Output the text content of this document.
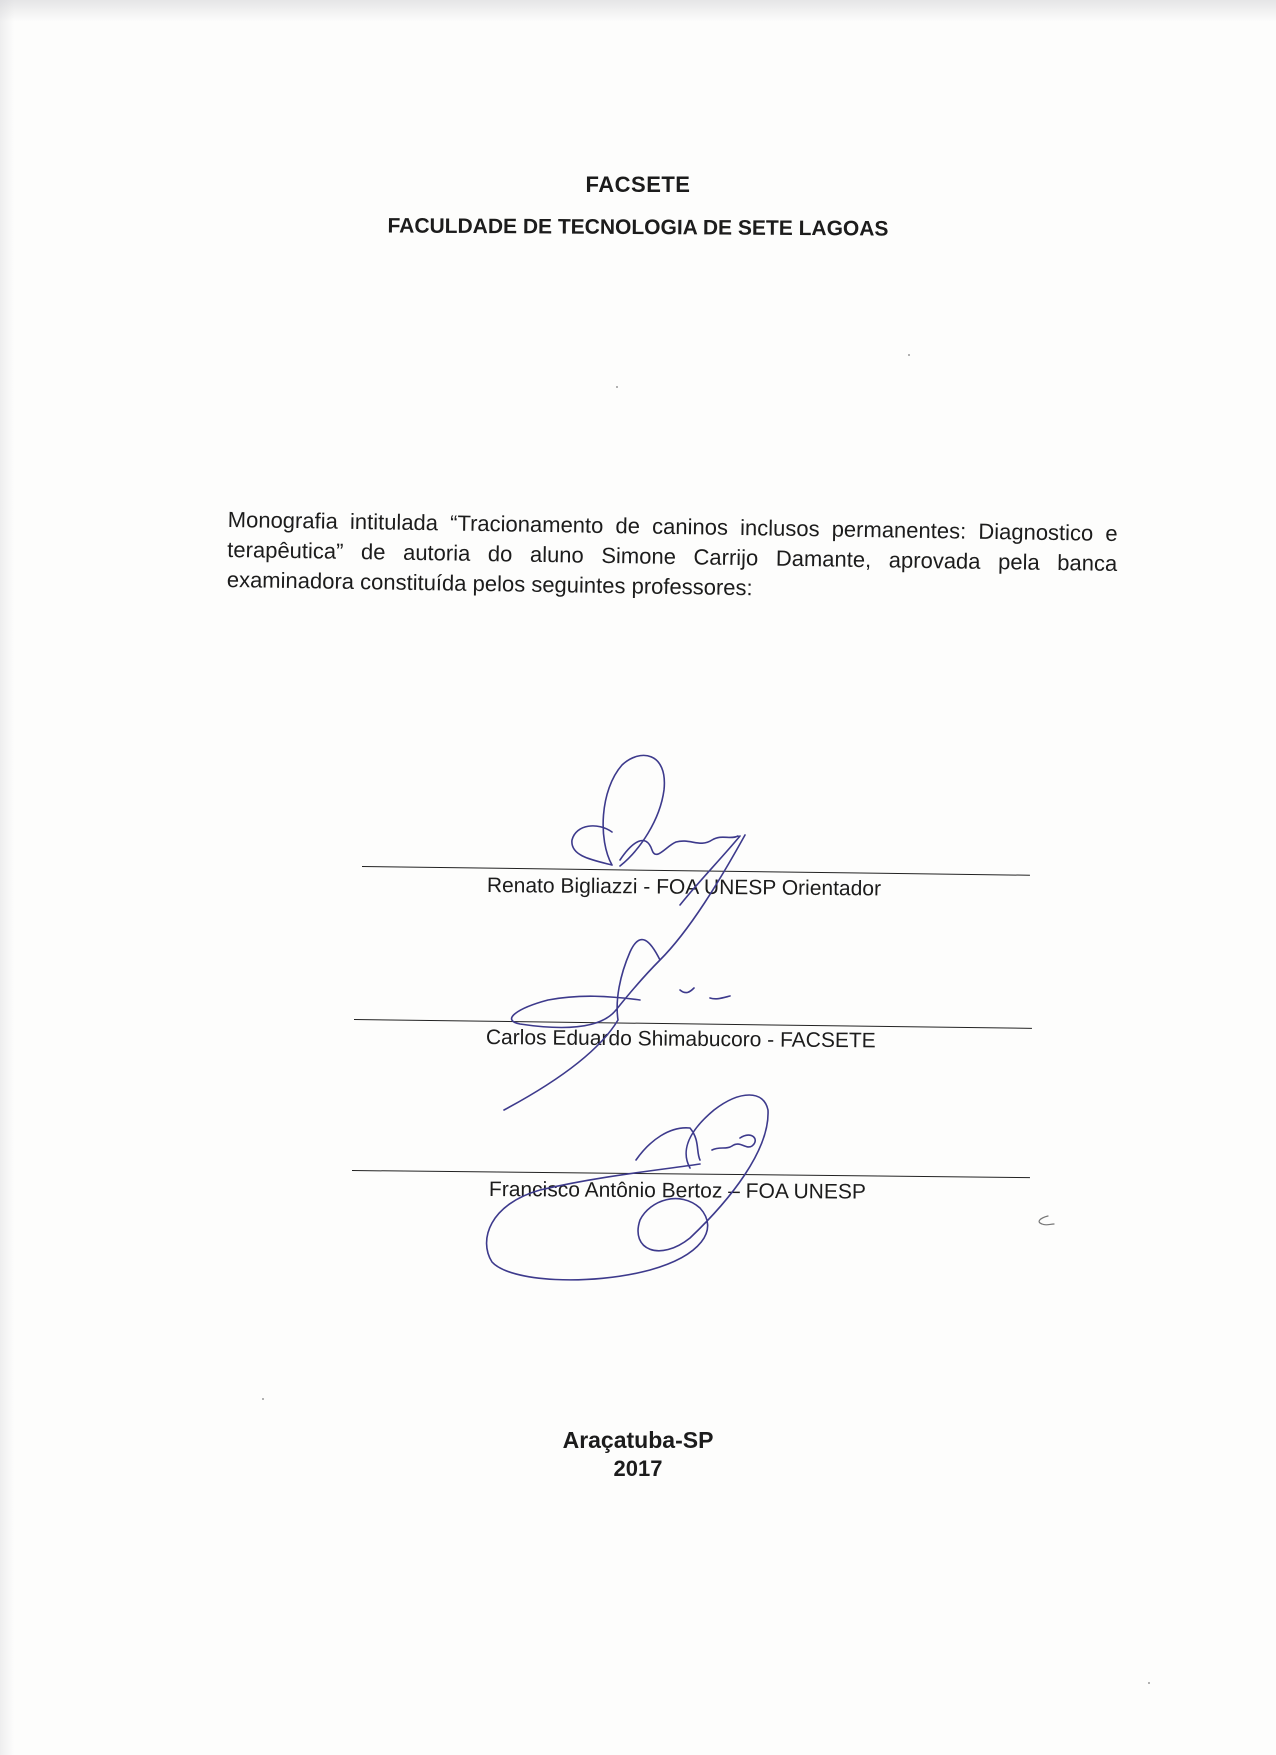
FACSETE
FACULDADE DE TECNOLOGIA DE SETE LAGOAS
Monografia intitulada “Tracionamento de caninos inclusos permanentes: Diagnostico e terapêutica” de autoria do aluno Simone Carrijo Damante, aprovada pela banca examinadora constituída pelos seguintes professores:
Renato Bigliazzi - FOA UNESP Orientador
Carlos Eduardo Shimabucoro - FACSETE
Francisco Antônio Bertoz – FOA UNESP
Araçatuba-SP
2017
